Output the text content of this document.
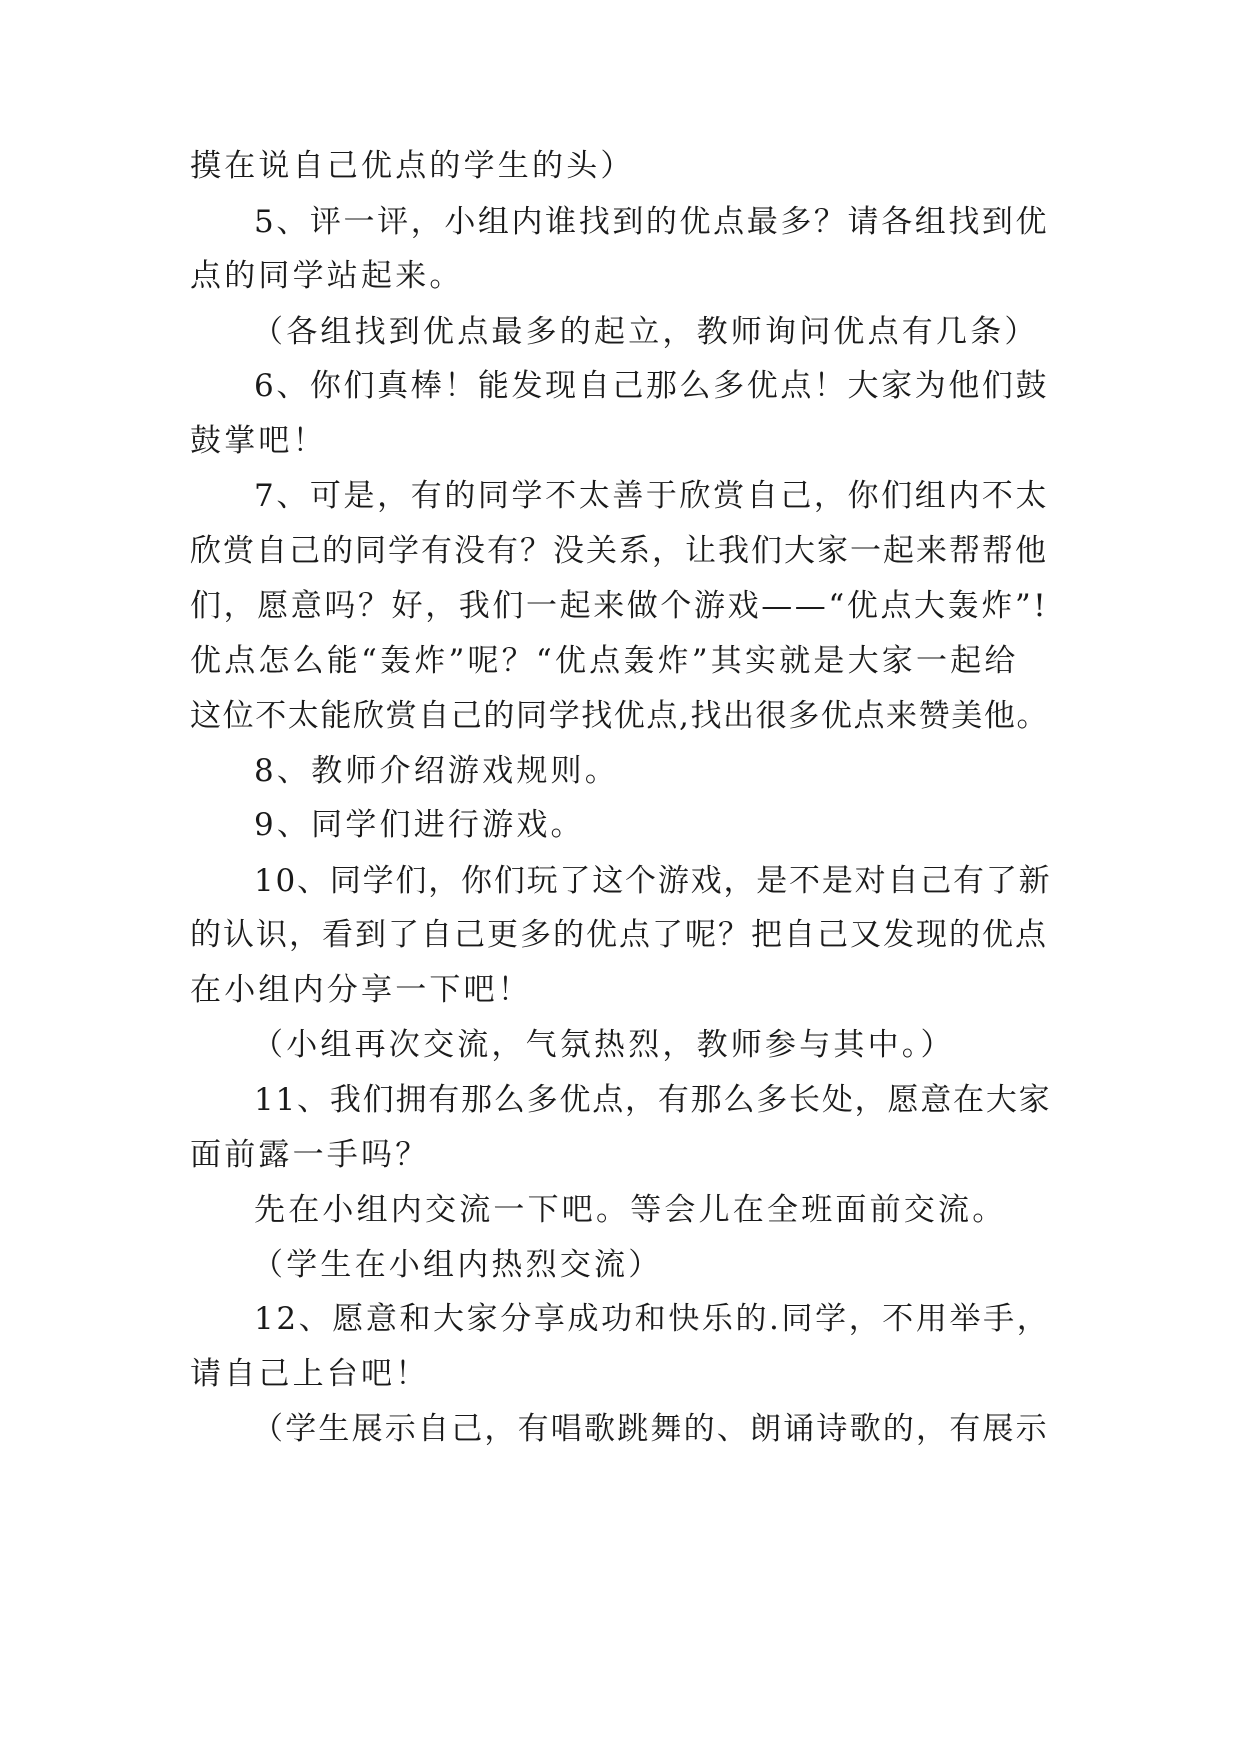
摸在说自己优点的学生的头）
5、评一评，小组内谁找到的优点最多？请各组找到优
点的同学站起来。
（各组找到优点最多的起立，教师询问优点有几条）
6、你们真棒！能发现自己那么多优点！大家为他们鼓
鼓掌吧！
7、可是，有的同学不太善于欣赏自己，你们组内不太
欣赏自己的同学有没有？没关系，让我们大家一起来帮帮他
们，愿意吗？好，我们一起来做个游戏——“优点大轰炸”!
优点怎么能“轰炸”呢？“优点轰炸”其实就是大家一起给
这位不太能欣赏自己的同学找优点,找出很多优点来赞美他。
8、教师介绍游戏规则。
9、同学们进行游戏。
10、同学们，你们玩了这个游戏，是不是对自己有了新
的认识，看到了自己更多的优点了呢？把自己又发现的优点
在小组内分享一下吧！
（小组再次交流，气氛热烈，教师参与其中。）
11、我们拥有那么多优点，有那么多长处，愿意在大家
面前露一手吗？
先在小组内交流一下吧。等会儿在全班面前交流。
（学生在小组内热烈交流）
12、愿意和大家分享成功和快乐的.同学，不用举手，
请自己上台吧！
（学生展示自己，有唱歌跳舞的、朗诵诗歌的，有展示
